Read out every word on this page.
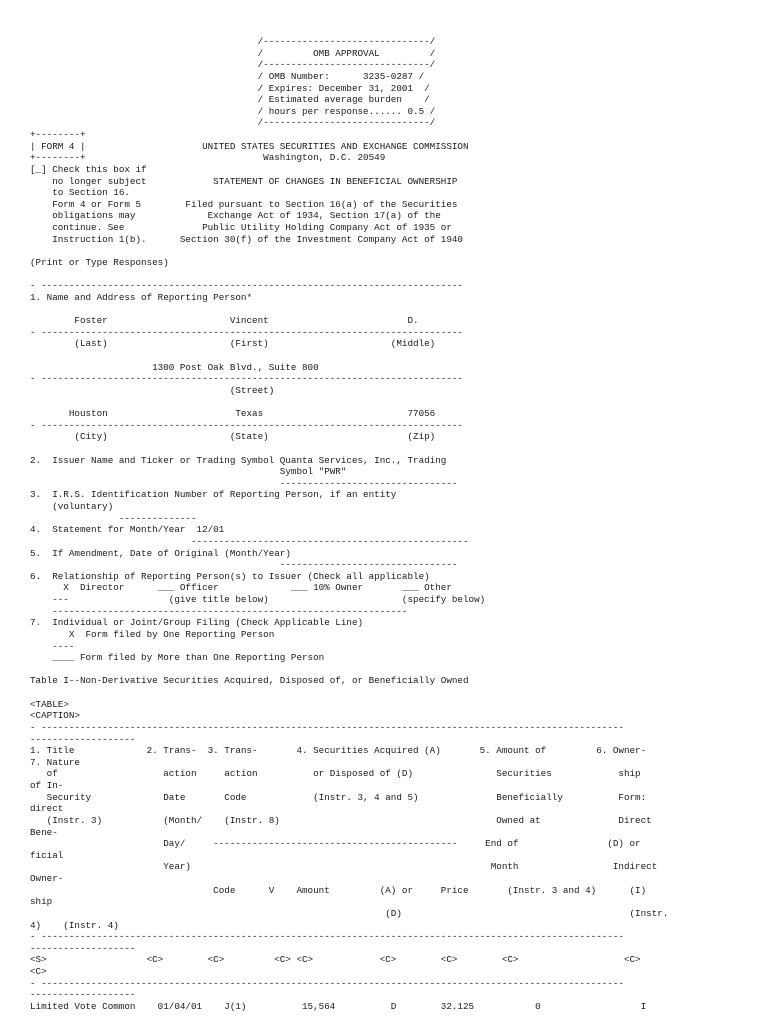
/------------------------------/
/         OMB APPROVAL         /
/------------------------------/
/ OMB Number:      3235-0287 /
/ Expires: December 31, 2001  /
/ Estimated average burden    /
/ hours per response...... 0.5 /
/------------------------------/
+--------+
| FORM 4 |                     UNITED STATES SECURITIES AND EXCHANGE COMMISSION
+--------+                                Washington, D.C. 20549
[_] Check this box if
no longer subject            STATEMENT OF CHANGES IN BENEFICIAL OWNERSHIP
to Section 16.
Form 4 or Form 5        Filed pursuant to Section 16(a) of the Securities
obligations may             Exchange Act of 1934, Section 17(a) of the
continue. See              Public Utility Holding Company Act of 1935 or
Instruction 1(b).      Section 30(f) of the Investment Company Act of 1940
(Print or Type Responses)
- ----------------------------------------------------------------------------
1. Name and Address of Reporting Person*
Foster                      Vincent                         D.
- ----------------------------------------------------------------------------
(Last)                      (First)                      (Middle)
1300 Post Oak Blvd., Suite 800
- ----------------------------------------------------------------------------
(Street)
Houston                       Texas                          77056
- ----------------------------------------------------------------------------
(City)                      (State)                         (Zip)
2.  Issuer Name and Ticker or Trading Symbol Quanta Services, Inc., Trading
Symbol "PWR"
--------------------------------
3.  I.R.S. Identification Number of Reporting Person, if an entity
(voluntary)
--------------
4.  Statement for Month/Year  12/01
--------------------------------------------------
5.  If Amendment, Date of Original (Month/Year)
--------------------------------
6.  Relationship of Reporting Person(s) to Issuer (Check all applicable)
X  Director      ___ Officer             ___ 10% Owner       ___ Other
---                  (give title below)                        (specify below)
----------------------------------------------------------------
7.  Individual or Joint/Group Filing (Check Applicable Line)
X  Form filed by One Reporting Person
----
____ Form filed by More than One Reporting Person
Table I--Non-Derivative Securities Acquired, Disposed of, or Beneficially Owned
<TABLE>
<CAPTION>
- ---------------------------------------------------------------------------------------------------------
-------------------
1. Title             2. Trans-  3. Trans-       4. Securities Acquired (A)       5. Amount of         6. Owner-
7. Nature
of                   action     action          or Disposed of (D)               Securities            ship
of In-
Security             Date       Code            (Instr. 3, 4 and 5)              Beneficially          Form:
direct
(Instr. 3)           (Month/    (Instr. 8)                                       Owned at              Direct
Bene-
Day/     --------------------------------------------     End of                (D) or
ficial
Year)                                                      Month                 Indirect
Owner-
Code      V    Amount         (A) or     Price       (Instr. 3 and 4)      (I)
ship
(D)                                         (Instr.
4)    (Instr. 4)
- ---------------------------------------------------------------------------------------------------------
-------------------
<S>                  <C>        <C>         <C> <C>            <C>        <C>        <C>                   <C>
<C>
- ---------------------------------------------------------------------------------------------------------
-------------------
Limited Vote Common    01/04/01    J(1)          15,564          D        32.125           0                  I
